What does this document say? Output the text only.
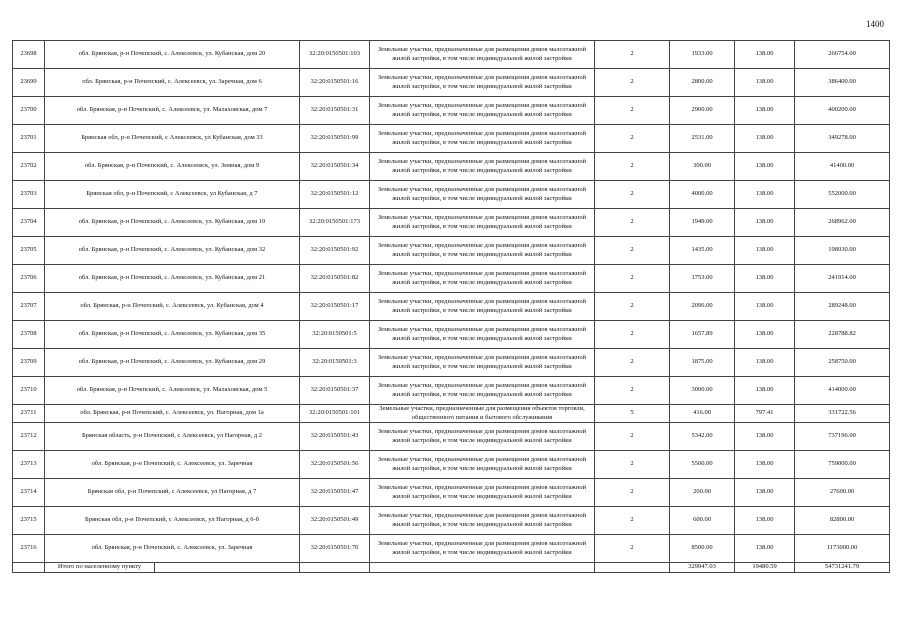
1400
23698	обл. Брянская, р-н Почепский, с. Алексеевск, ул. Кубанская, дом 20		32:20:0150501:103	Земельные участки, предназначенные для размещения домов малоэтажной жилой застройки, в том числе индивидуальной жилой застройки	2	1933.00	138.00	266754.00
23699	обл. Брянская, р-н Почепский, с. Алексеевск, ул. Заречная, дом 6		32:20:0150501:16	Земельные участки, предназначенные для размещения домов малоэтажной жилой застройки, в том числе индивидуальной жилой застройки	2	2800.00	138.00	386400.00
23700	обл. Брянская, р-н Почепский, с. Алексеевск, ул. Малаховская, дом 7		32:20:0150501:31	Земельные участки, предназначенные для размещения домов малоэтажной жилой застройки, в том числе индивидуальной жилой застройки	2	2900.00	138.00	400200.00
23701	Брянская обл, р-н Почепский, с Алексеевск, ул Кубанская, дом 33		32:20:0150501:99	Земельные участки, предназначенные для размещения домов малоэтажной жилой застройки, в том числе индивидуальной жилой застройки	2	2531.00	138.00	349278.00
23702	обл. Брянская, р-н Почепский, с. Алексеевск, ул. Земная, дом 9		32:20:0150501:34	Земельные участки, предназначенные для размещения домов малоэтажной жилой застройки, в том числе индивидуальной жилой застройки	2	300.00	138.00	41400.00
23703	Брянская обл, р-н Почепский, с Алексеевск, ул Кубанская, д 7		32:20:0150501:12	Земельные участки, предназначенные для размещения домов малоэтажной жилой застройки, в том числе индивидуальной жилой застройки	2	4000.00	138.00	552000.00
23704	обл. Брянская, р-н Почепский, с. Алексеевск, ул. Кубанская, дом 10		32:20:0150501:173	Земельные участки, предназначенные для размещения домов малоэтажной жилой застройки, в том числе индивидуальной жилой застройки	2	1949.00	138.00	268962.00
23705	обл. Брянская, р-н Почепский, с. Алексеевск, ул. Кубанская, дом 32		32:20:0150501:92	Земельные участки, предназначенные для размещения домов малоэтажной жилой застройки, в том числе индивидуальной жилой застройки	2	1435.00	138.00	198030.00
23706	обл. Брянская, р-н Почепский, с. Алексеевск, ул. Кубанская, дом 21		32:20:0150501:82	Земельные участки, предназначенные для размещения домов малоэтажной жилой застройки, в том числе индивидуальной жилой застройки	2	1753.00	138.00	241914.00
23707	обл. Брянская, р-н Почепский, с. Алексеевск, ул. Кубанская, дом 4		32:20:0150501:17	Земельные участки, предназначенные для размещения домов малоэтажной жилой застройки, в том числе индивидуальной жилой застройки	2	2096.00	138.00	289248.00
23708	обл. Брянская, р-н Почепский, с. Алексеевск, ул. Кубанская, дом 35		32:20:0150501:5	Земельные участки, предназначенные для размещения домов малоэтажной жилой застройки, в том числе индивидуальной жилой застройки	2	1657.89	138.00	228788.82
23709	обл. Брянская, р-н Почепский, с. Алексеевск, ул. Кубанская, дом 29		32:20:0150501:3	Земельные участки, предназначенные для размещения домов малоэтажной жилой застройки, в том числе индивидуальной жилой застройки	2	1875.00	138.00	258750.00
23710	обл. Брянская, р-н Почепский, с. Алексеевск, ул. Малаховская, дом 5		32:20:0150501:37	Земельные участки, предназначенные для размещения домов малоэтажной жилой застройки, в том числе индивидуальной жилой застройки	2	3000.00	138.00	414000.00
23711	обл. Брянская, р-н Почепский, с. Алексеевск, ул. Нагорная, дом 1а		32:20:0150501:101	Земельные участки, предназначенные для размещения объектов торговли, общественного питания и бытового обслуживания	5	416.00	797.41	331722.56
23712	Брянская область, р-н Почепский, с Алексеевск, ул Нагорная, д 2		32:20:0150501:43	Земельные участки, предназначенные для размещения домов малоэтажной жилой застройки, в том числе индивидуальной жилой застройки	2	5342.00	138.00	737196.00
23713	обл. Брянская, р-н Почепский, с. Алексеевск, ул. Заречная		32:20:0150501:56	Земельные участки, предназначенные для размещения домов малоэтажной жилой застройки, в том числе индивидуальной жилой застройки	2	5500.00	138.00	759000.00
23714	Брянская обл, р-н Почепский, с Алексеевск, ул Нагорная, д 7		32:20:0150501:47	Земельные участки, предназначенные для размещения домов малоэтажной жилой застройки, в том числе индивидуальной жилой застройки	2	200.00	138.00	27600.00
23715	Брянская обл, р-н Почепский, с Алексеевск, ул Нагорная, д 6-б		32:20:0150501:49	Земельные участки, предназначенные для размещения домов малоэтажной жилой застройки, в том числе индивидуальной жилой застройки	2	600.00	138.00	82800.00
23716	обл. Брянская, р-н Почепский, с. Алексеевск, ул. Заречная		32:20:0150501:70	Земельные участки, предназначенные для размещения домов малоэтажной жилой застройки, в том числе индивидуальной жилой застройки	2	8500.00	138.00	1173000.00
	Итого по населенному пункту					329947.03	19480.59	54731241.79
